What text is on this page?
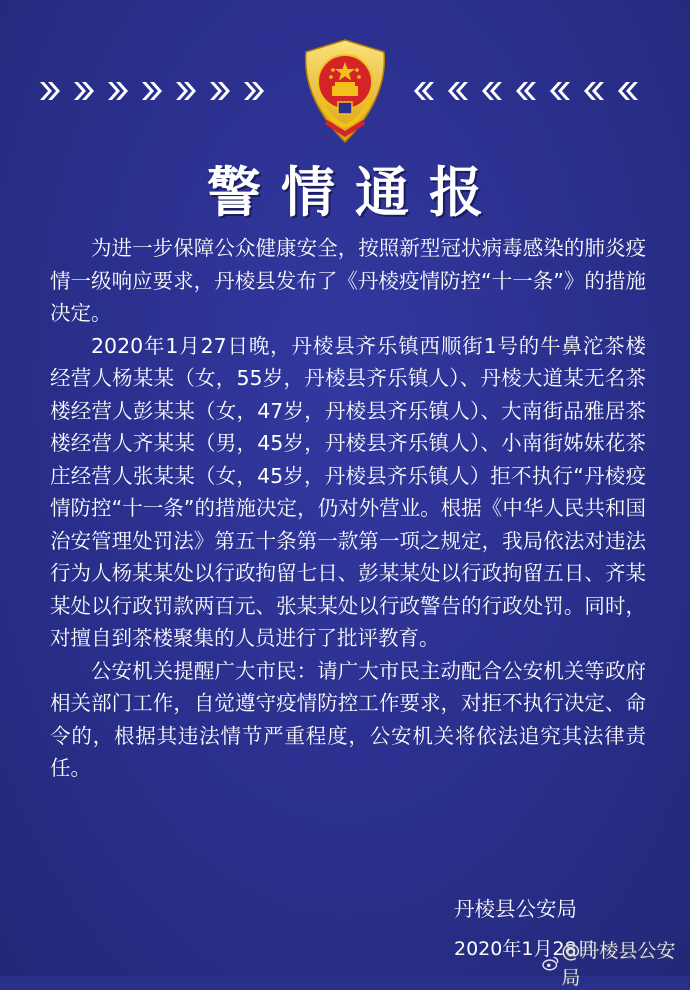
警情通报

为进一步保障公众健康安全，按照新型冠状病毒感染的肺炎疫情一级响应要求，丹棱县发布了《丹棱疫情防控“十一条”》的措施决定。

2020年1月27日晚，丹棱县齐乐镇西顺街1号的牛鼻沱茶楼经营人杨某某（女，55岁，丹棱县齐乐镇人）、丹棱大道某无名茶楼经营人彭某某（女，47岁，丹棱县齐乐镇人）、大南街品雅居茶楼经营人齐某某（男，45岁，丹棱县齐乐镇人）、小南街姊妹花茶庄经营人张某某（女，45岁，丹棱县齐乐镇人）拒不执行“丹棱疫情防控“十一条”的措施决定，仍对外营业。根据《中华人民共和国治安管理处罚法》第五十条第一款第一项之规定，我局依法对违法行为人杨某某处以行政拘留七日、彭某某处以行政拘留五日、齐某某处以行政罚款两百元、张某某处以行政警告的行政处罚。同时，对擅自到茶楼聚集的人员进行了批评教育。

公安机关提醒广大市民：请广大市民主动配合公安机关等政府相关部门工作，自觉遵守疫情防控工作要求，对拒不执行决定、命令的，根据其违法情节严重程度，公安机关将依法追究其法律责任。

丹棱县公安局
2020年1月28日
@丹棱县公安局
